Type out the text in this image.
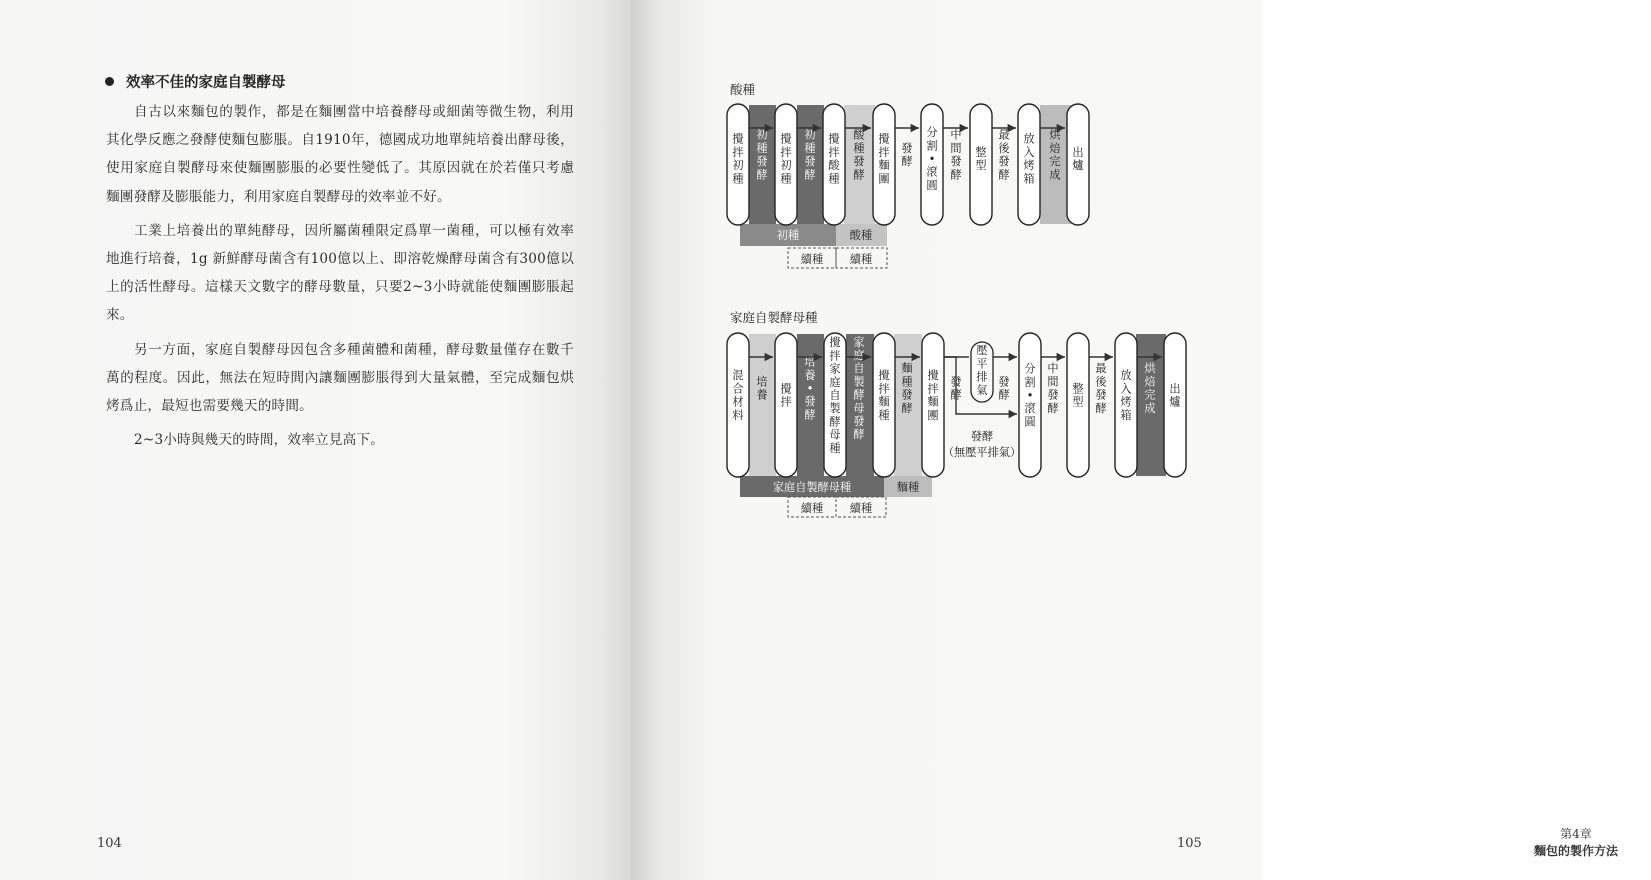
效率不佳的家庭自製酵母

自古以來麵包的製作，都是在麵團當中培養酵母或細菌等微生物，利用其化學反應之發酵使麵包膨脹。自1910年，德國成功地單純培養出酵母後，使用家庭自製酵母來使麵團膨脹的必要性變低了。其原因就在於若僅只考慮麵團發酵及膨脹能力，利用家庭自製酵母的效率並不好。

工業上培養出的單純酵母，因所屬菌種限定爲單一菌種，可以極有效率地進行培養，1g 新鮮酵母菌含有100億以上、即溶乾燥酵母菌含有300億以上的活性酵母。這樣天文數字的酵母數量，只要2~3小時就能使麵團膨脹起來。

另一方面，家庭自製酵母因包含多種菌體和菌種，酵母數量僅存在數千萬的程度。因此，無法在短時間內讓麵團膨脹得到大量氣體，至完成麵包烘烤爲止，最短也需要幾天的時間。

2~3小時與幾天的時間，效率立見高下。

104
第4章
麵包的製作方法
105
酸種
家庭自製酵母種
初種	酸種
續種 續種
攪拌初種
攪拌初種
攪拌酸種
攪拌麵團
分割•滾圓
整型
放入烤箱
出爐
初種發酵
初種發酵
酸種發酵
發酵
中間發酵
最後發酵
烘焙完成
家庭自製酵母種	麵種
續種 續種
混合材料
攪拌
攪拌家庭自製酵母種
攪拌麵種
攪拌麵團
分割•滾圓
整型
放入烤箱
出爐
培養
培養•發酵
家庭自製酵母發酵
麵種發酵
發酵
發酵
中間發酵
最後發酵
烘焙完成
壓平排氣
發酵
（無壓平排氣）
